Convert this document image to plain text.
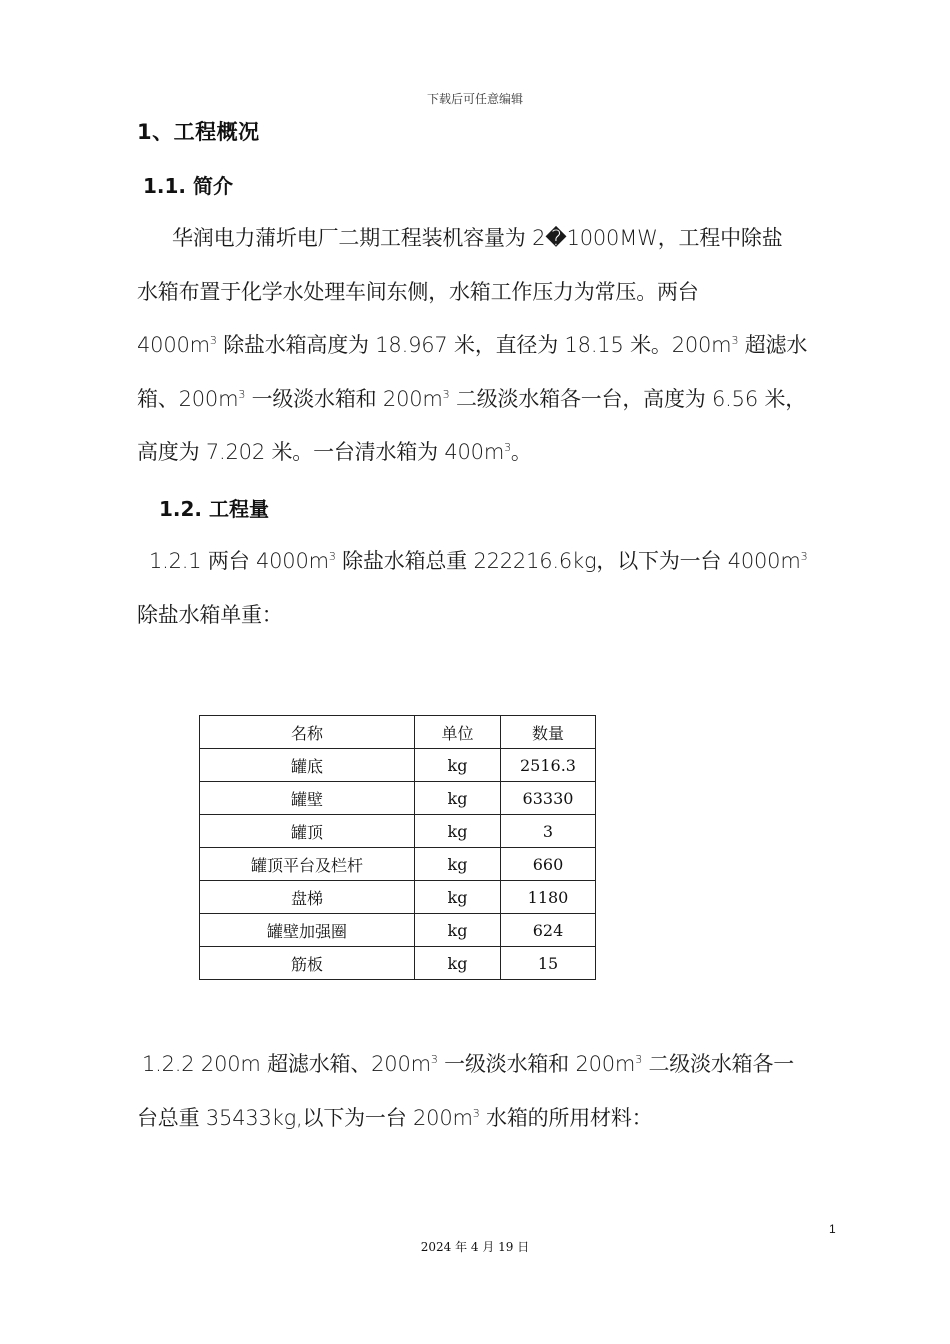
下载后可任意编辑
1、工程概况
1.1. 简介
华润电力蒲圻电厂二期工程装机容量为 2�1000MW，工程中除盐
水箱布置于化学水处理车间东侧，水箱工作压力为常压。两台
$4000m^3$ 除盐水箱高度为 18.967 米，直径为 18.15 米。$200m^3$ 超滤水
箱、$200m^3$ 一级淡水箱和 $200m^3$ 二级淡水箱各一台，高度为 6.56 米，
高度为 7.202 米。一台清水箱为 $400m^3$。
1.2. 工程量
1.2.1 两台 $4000m^3$ 除盐水箱总重 222216.6kg，以下为一台 $4000m^3$
除盐水箱单重：
名称	单位	数量
罐底	kg	2516.3
罐壁	kg	63330
罐顶	kg	3
罐顶平台及栏杆	kg	660
盘梯	kg	1180
罐壁加强圈	kg	624
筋板	kg	15
1.2.2 200m 超滤水箱、$200m^3$ 一级淡水箱和 $200m^3$ 二级淡水箱各一
台总重 35433kg,以下为一台 $200m^3$ 水箱的所用材料：
1
2024 年 4 月 19 日
